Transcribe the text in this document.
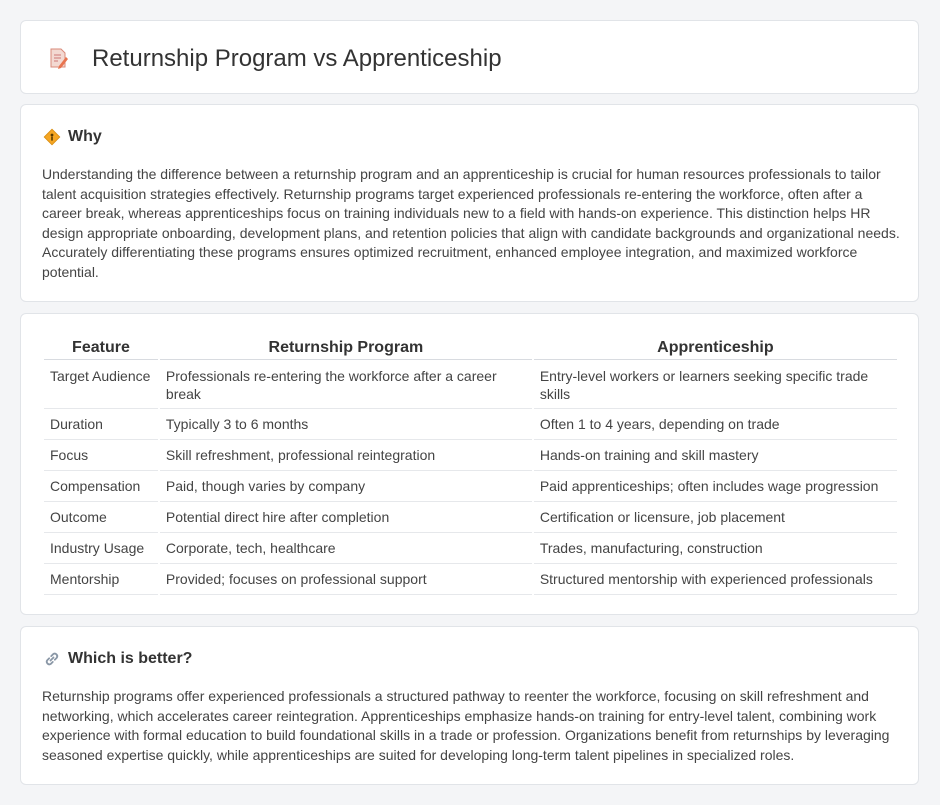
Returnship Program vs Apprenticeship
Why

Understanding the difference between a returnship program and an apprenticeship is crucial for human resources professionals to tailor talent acquisition strategies effectively. Returnship programs target experienced professionals re-entering the workforce, often after a career break, whereas apprenticeships focus on training individuals new to a field with hands-on experience. This distinction helps HR design appropriate onboarding, development plans, and retention policies that align with candidate backgrounds and organizational needs. Accurately differentiating these programs ensures optimized recruitment, enhanced employee integration, and maximized workforce potential.

Feature	Returnship Program	Apprenticeship
Target Audience	Professionals re-entering the workforce after a career break	Entry-level workers or learners seeking specific trade skills
Duration	Typically 3 to 6 months	Often 1 to 4 years, depending on trade
Focus	Skill refreshment, professional reintegration	Hands-on training and skill mastery
Compensation	Paid, though varies by company	Paid apprenticeships; often includes wage progression
Outcome	Potential direct hire after completion	Certification or licensure, job placement
Industry Usage	Corporate, tech, healthcare	Trades, manufacturing, construction
Mentorship	Provided; focuses on professional support	Structured mentorship with experienced professionals
Which is better?

Returnship programs offer experienced professionals a structured pathway to reenter the workforce, focusing on skill refreshment and networking, which accelerates career reintegration. Apprenticeships emphasize hands-on training for entry-level talent, combining work experience with formal education to build foundational skills in a trade or profession. Organizations benefit from returnships by leveraging seasoned expertise quickly, while apprenticeships are suited for developing long-term talent pipelines in specialized roles.
